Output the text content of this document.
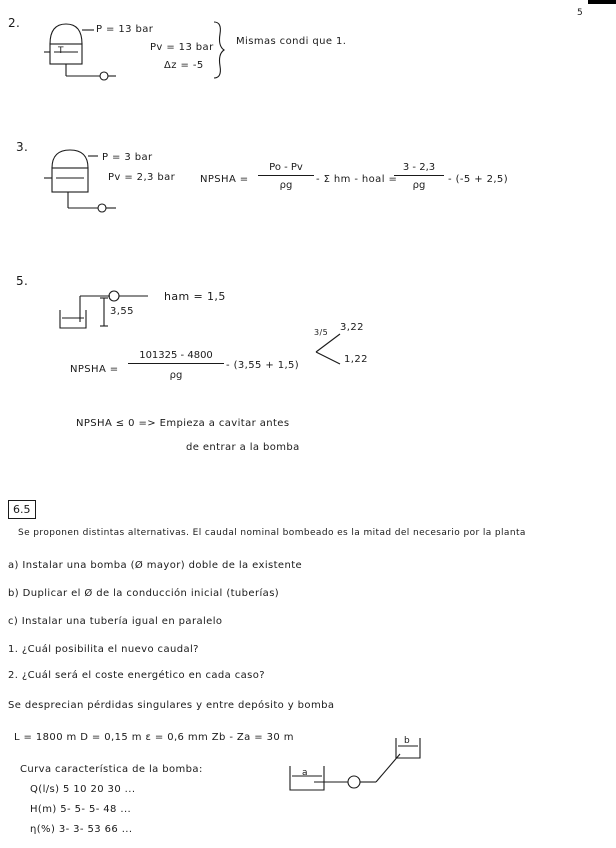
5
2.
T
P = 13 bar
Pv = 13 bar
Δz = -5
Mismas condi que 1.
3.
P = 3 bar
Pv = 2,3 bar NPSHA = $\frac{Po - Pv}{\rho g}$ - Σ hm - hoal =
$\frac{3 - 2,3}{\rho g} - (-5 + 2,5)$
5.
3,55
ham = 1,5
NPSHA = $\frac{101325 - 4800}{\rho g} - (3,55 + 1,5)$
3/5 3,22
1,22
NPSHA ≤ 0 => Empieza a cavitar antes
de entrar a la bomba
6.5
Se proponen distintas alternativas. El caudal nominal bombeado es la mitad del necesario por la planta
a) Instalar una bomba (Ø mayor) doble de la existente
b) Duplicar el Ø de la conducción inicial (tuberías)
c) Instalar una tubería igual en paralelo
1. ¿Cuál posibilita el nuevo caudal?
2. ¿Cuál será el coste energético en cada caso?
Se desprecian pérdidas singulares y entre depósito y bomba
L = 1800 m D = 0,15 m ε = 0,6 mm Zb - Za = 30 m
Curva característica de la bomba:
Q(l/s) 5 10 20 30 ...
H(m) 5- 5- 5- 48 ...
η(%) 3- 3- 53 66 ...
a
b
